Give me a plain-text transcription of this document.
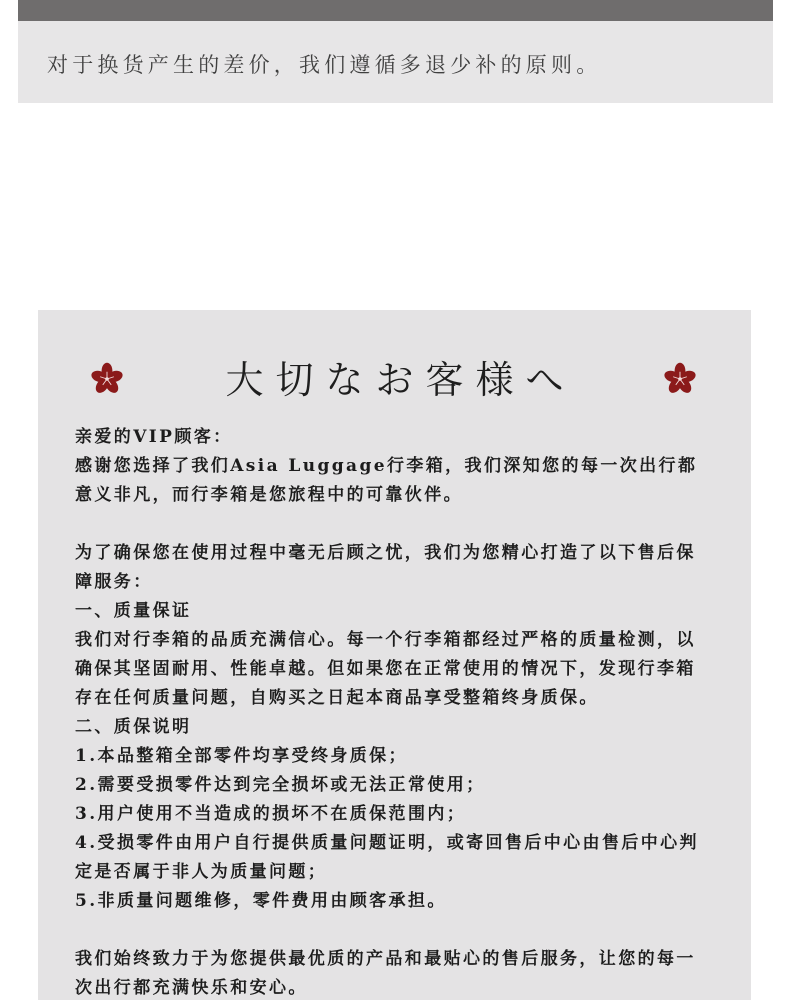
对于换货产生的差价，我们遵循多退少补的原则。
大切なお客様へ

亲爱的VIP顾客：

感谢您选择了我们Asia Luggage行李箱，我们深知您的每一次出行都意义非凡，而行李箱是您旅程中的可靠伙伴。

为了确保您在使用过程中毫无后顾之忧，我们为您精心打造了以下售后保障服务：

一、质量保证

我们对行李箱的品质充满信心。每一个行李箱都经过严格的质量检测，以确保其坚固耐用、性能卓越。但如果您在正常使用的情况下，发现行李箱存在任何质量问题，自购买之日起本商品享受整箱终身质保。

二、质保说明

1.本品整箱全部零件均享受终身质保；

2.需要受损零件达到完全损坏或无法正常使用；

3.用户使用不当造成的损坏不在质保范围内；

4.受损零件由用户自行提供质量问题证明，或寄回售后中心由售后中心判定是否属于非人为质量问题；

5.非质量问题维修，零件费用由顾客承担。

我们始终致力于为您提供最优质的产品和最贴心的售后服务，让您的每一次出行都充满快乐和安心。
